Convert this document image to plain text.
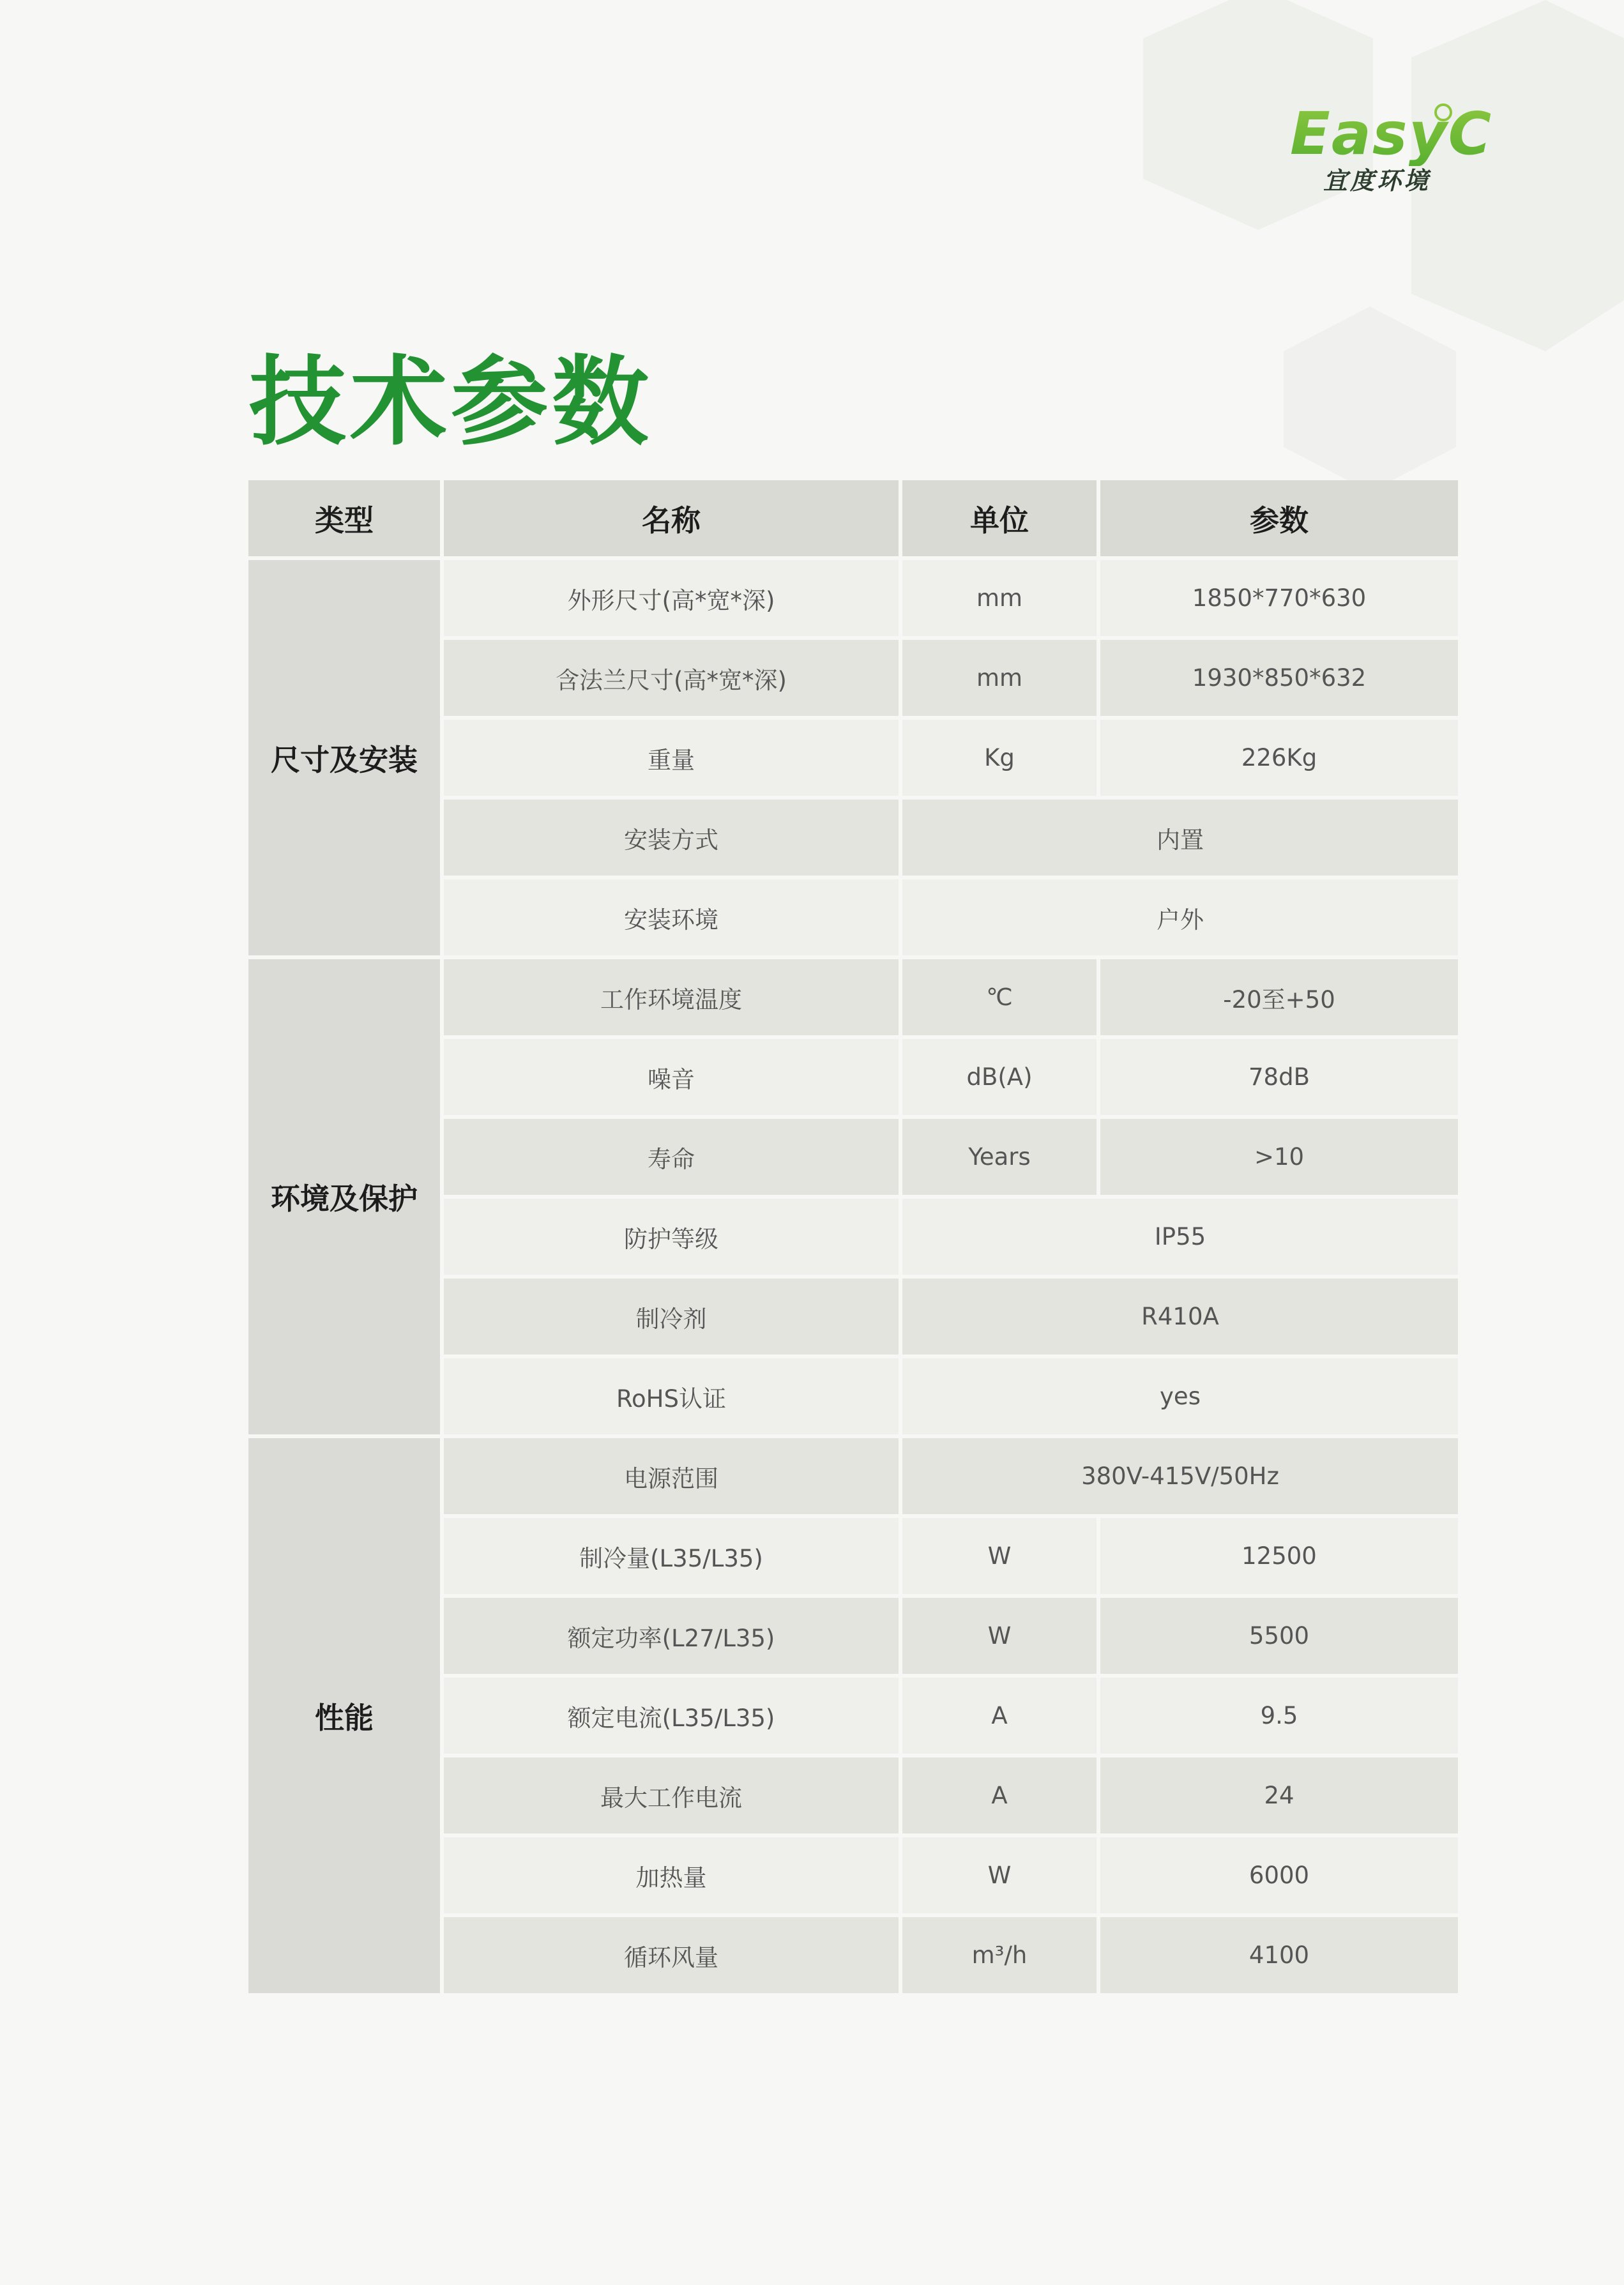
EasyC
宜度环境
技术参数
类型	名称	单位	参数
尺寸及安装	外形尺寸(高*宽*深)	mm	1850*770*630
	含法兰尺寸(高*宽*深)	mm	1930*850*632
	重量	Kg	226Kg
	安装方式	内置	
	安装环境	户外	
环境及保护	工作环境温度	℃	-20至+50
	噪音	dB(A)	78dB
	寿命	Years	>10
	防护等级	IP55	
	制冷剂	R410A	
	RoHS认证	yes	
性能	电源范围	380V-415V/50Hz	
	制冷量(L35/L35)	W	12500
	额定功率(L27/L35)	W	5500
	额定电流(L35/L35)	A	9.5
	最大工作电流	A	24
	加热量	W	6000
	循环风量	m³/h	4100
